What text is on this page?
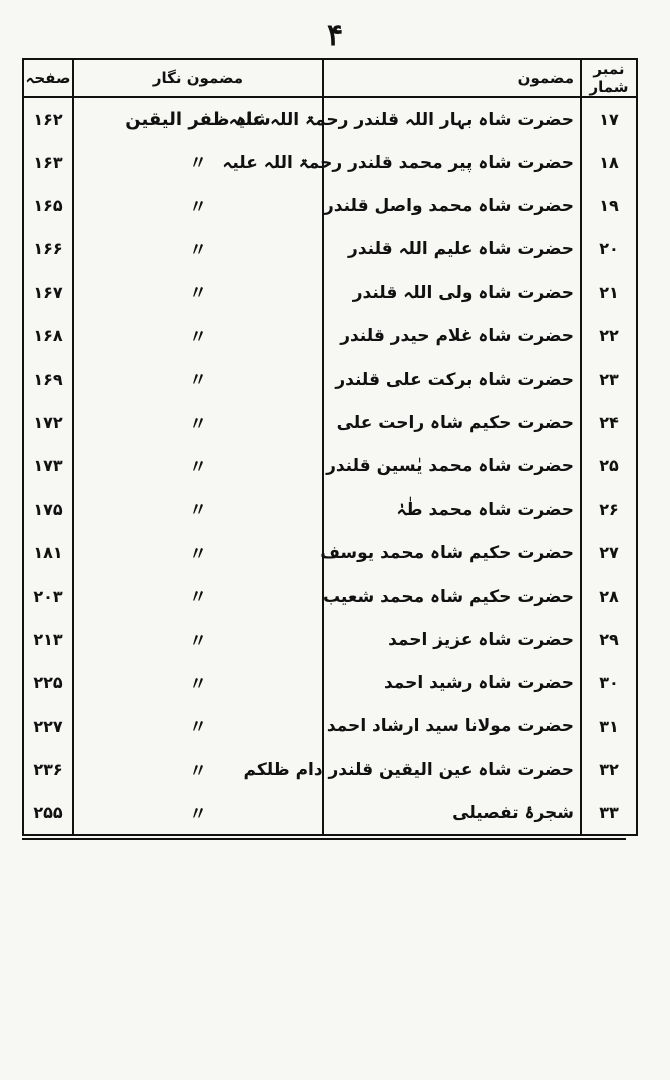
۴
نمبر شمار	مضمون	مضمون نگار	صفحہ
۱۷	حضرت شاہ بہار اللہ قلندر رحمۃ اللہ علیہ	شاہ ظفر الیقین	۱۶۲
۱۸	حضرت شاہ پیر محمد قلندر رحمۃ اللہ علیہ	〃	۱۶۳
۱۹	حضرت شاہ محمد واصل قلندر	〃	۱۶۵
۲۰	حضرت شاہ علیم اللہ قلندر	〃	۱۶۶
۲۱	حضرت شاہ ولی اللہ قلندر	〃	۱۶۷
۲۲	حضرت شاہ غلام حیدر قلندر	〃	۱۶۸
۲۳	حضرت شاہ برکت علی قلندر	〃	۱۶۹
۲۴	حضرت حکیم شاہ راحت علی	〃	۱۷۲
۲۵	حضرت شاہ محمد یٰسین قلندر	〃	۱۷۳
۲۶	حضرت شاہ محمد طٰہٰ	〃	۱۷۵
۲۷	حضرت حکیم شاہ محمد یوسف	〃	۱۸۱
۲۸	حضرت حکیم شاہ محمد شعیب	〃	۲۰۳
۲۹	حضرت شاہ عزیز احمد	〃	۲۱۳
۳۰	حضرت شاہ رشید احمد	〃	۲۲۵
۳۱	حضرت مولانا سید ارشاد احمد	〃	۲۲۷
۳۲	حضرت شاہ عین الیقین قلندر دام ظلکم	〃	۲۳۶
۳۳	شجرۂ تفصیلی	〃	۲۵۵
